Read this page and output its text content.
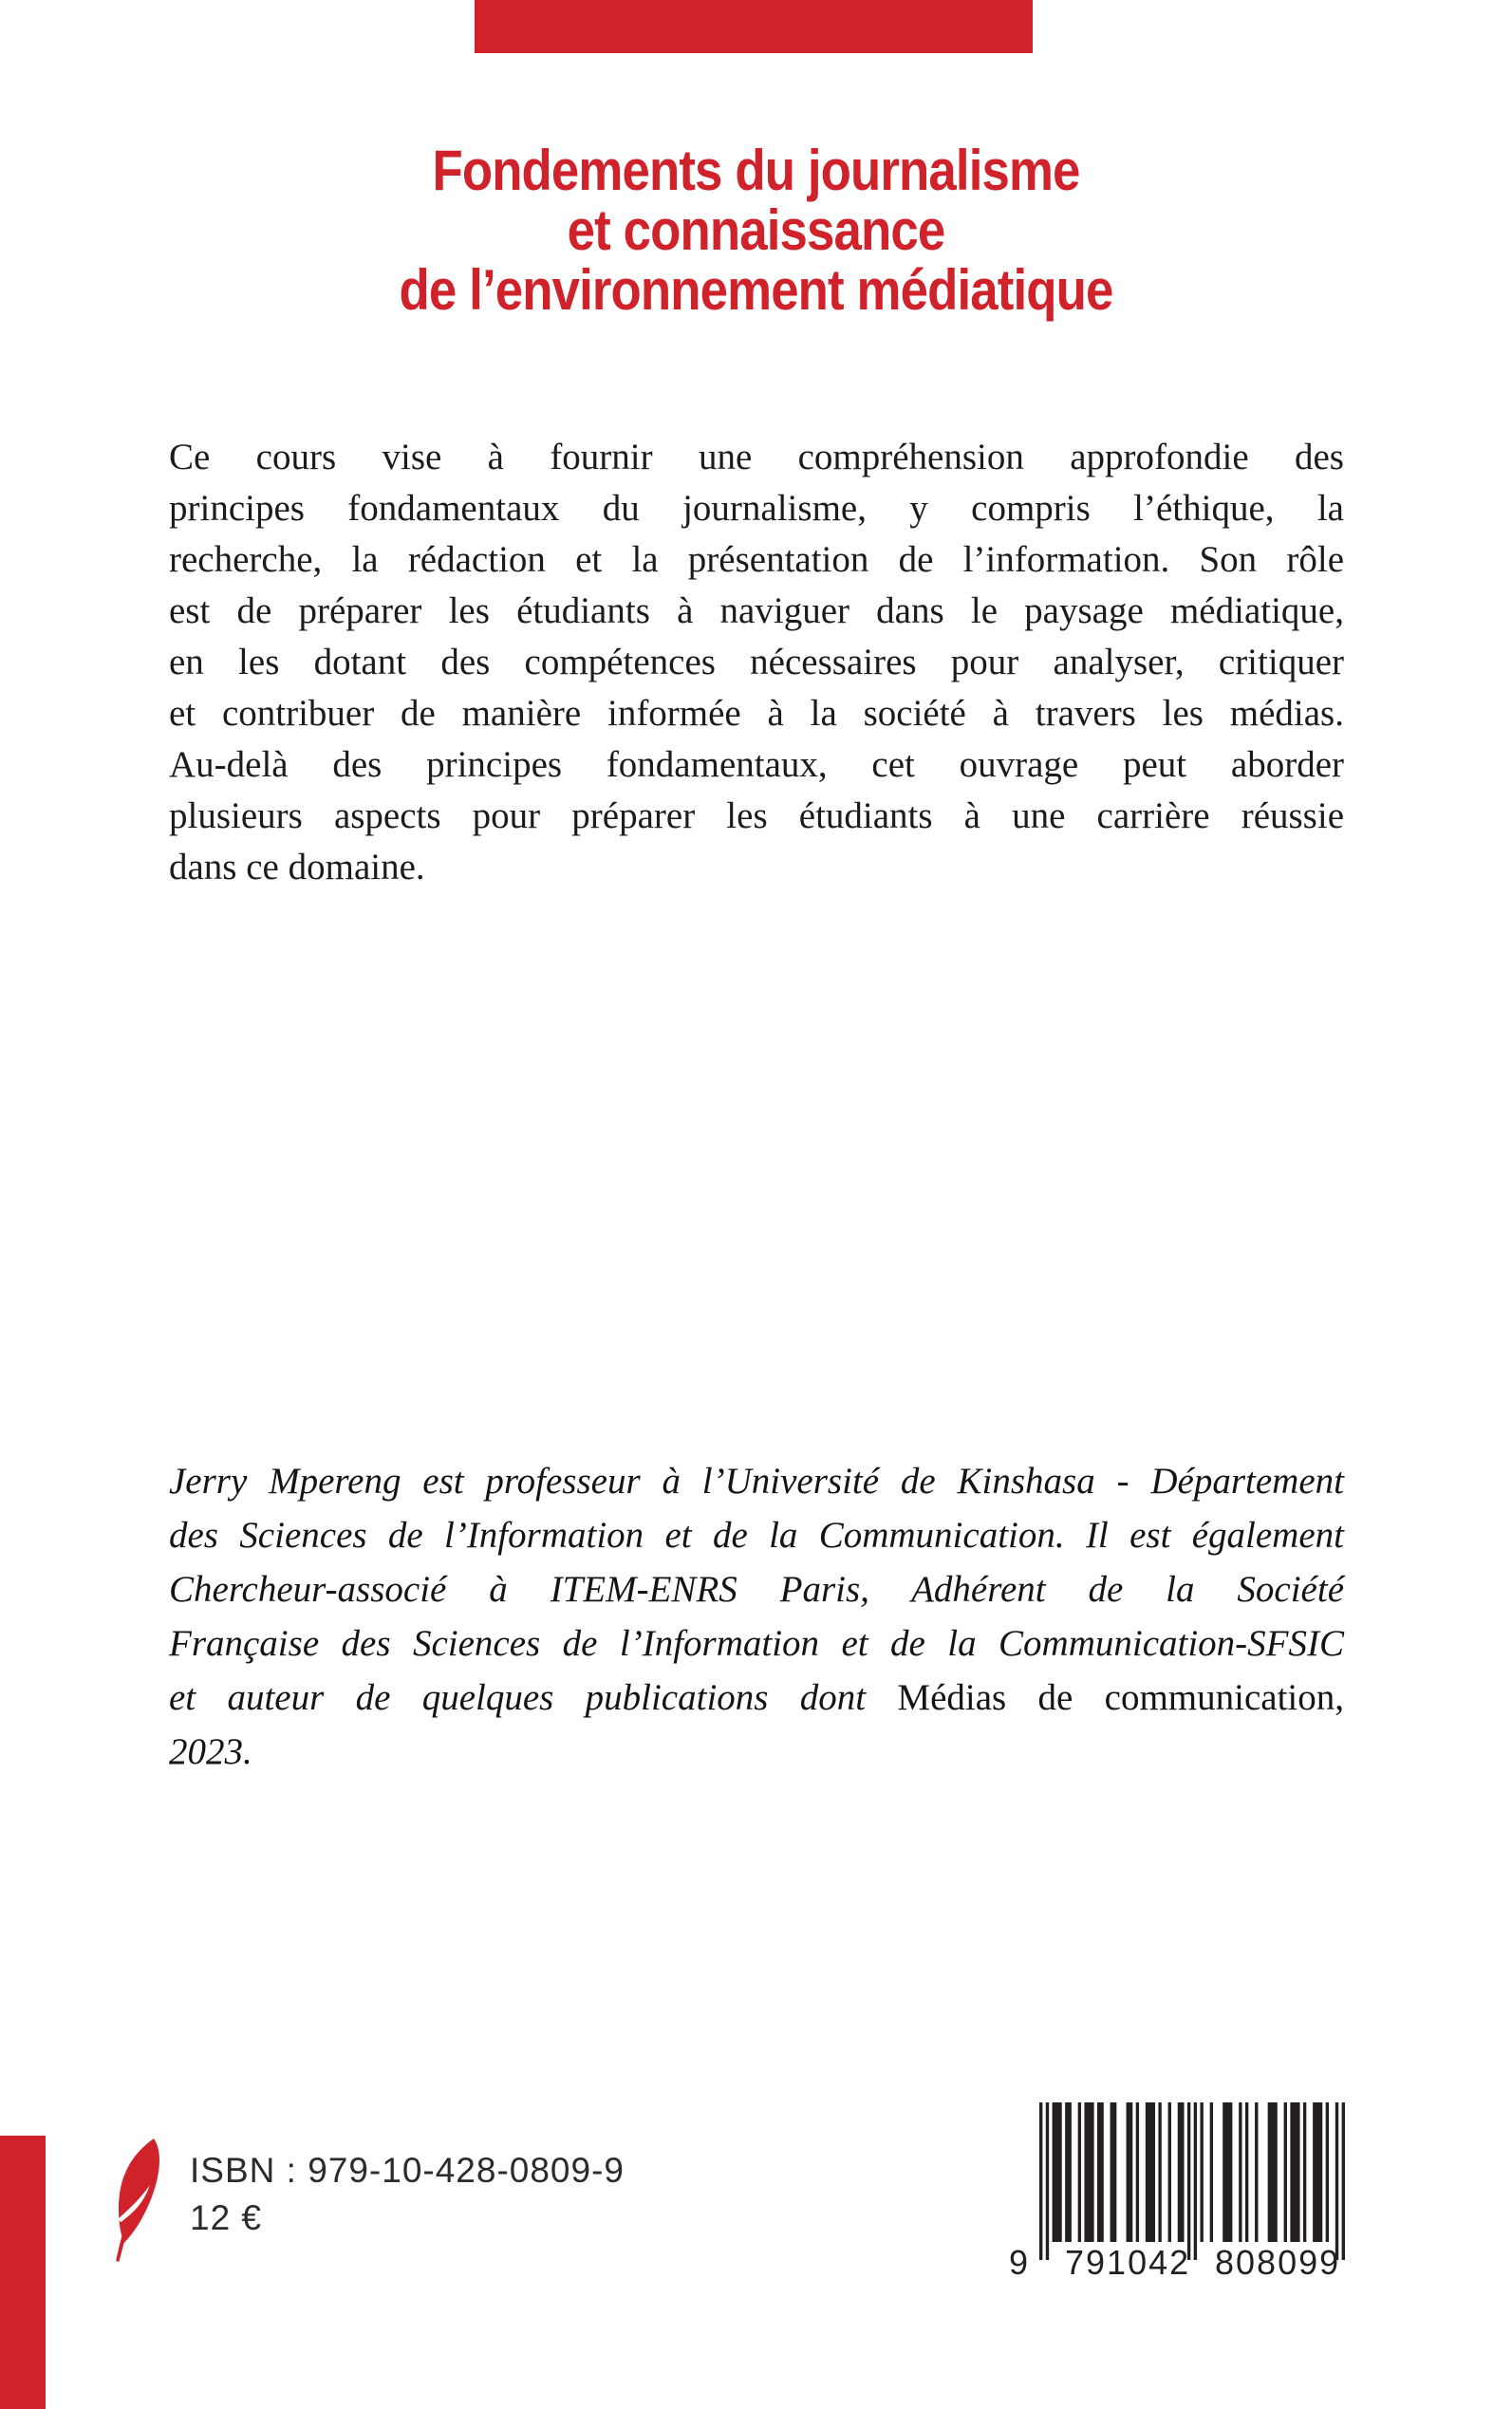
Fondements du journalisme
et connaissance
de l’environnement médiatique
Ce cours vise à fournir une compréhension approfondie des
principes fondamentaux du journalisme, y compris l’éthique, la
recherche, la rédaction et la présentation de l’information. Son rôle
est de préparer les étudiants à naviguer dans le paysage médiatique,
en les dotant des compétences nécessaires pour analyser, critiquer
et contribuer de manière informée à la société à travers les médias.
Au-delà des principes fondamentaux, cet ouvrage peut aborder
plusieurs aspects pour préparer les étudiants à une carrière réussie
dans ce domaine.
Jerry Mpereng est professeur à l’Université de Kinshasa - Département
des Sciences de l’Information et de la Communication. Il est également
Chercheur-associé à ITEM-ENRS Paris, Adhérent de la Société
Française des Sciences de l’Information et de la Communication-SFSIC
et auteur de quelques publications dont Médias de communication,
2023.
ISBN : 979-10-428-0809-9
12 €
9 791042 808099
